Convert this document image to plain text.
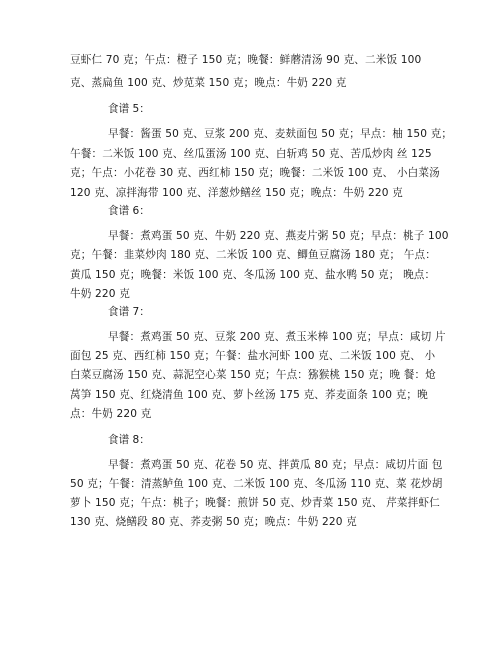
豆虾仁 70 克；午点：橙子 150 克；晚餐：鲜蘑清汤 90 克、二米饭 100
克、蒸扁鱼 100 克、炒苋菜 150 克；晚点：牛奶 220 克
食谱 5：
早餐：酱蛋 50 克、豆浆 200 克、麦麸面包 50 克；早点：柚 150 克；
午餐：二米饭 100 克、丝瓜蛋汤 100 克、白斩鸡 50 克、苦瓜炒肉 丝 125
克；午点：小花卷 30 克、西红柿 150 克；晚餐：二米饭 100 克、 小白菜汤
120 克、凉拌海带 100 克、洋葱炒鳝丝 150 克；晚点：牛奶 220 克
食谱 6：
早餐：煮鸡蛋 50 克、牛奶 220 克、燕麦片粥 50 克；早点：桃子 100
克；午餐：韭菜炒肉 180 克、二米饭 100 克、鲫鱼豆腐汤 180 克； 午点：
黄瓜 150 克；晚餐：米饭 100 克、冬瓜汤 100 克、盐水鸭 50 克； 晚点：
牛奶 220 克
食谱 7：
早餐：煮鸡蛋 50 克、豆浆 200 克、煮玉米棒 100 克；早点：咸切 片
面包 25 克、西红柿 150 克；午餐：盐水河虾 100 克、二米饭 100 克、 小
白菜豆腐汤 150 克、蒜泥空心菜 150 克；午点：猕猴桃 150 克；晚 餐：炝
莴笋 150 克、红烧清鱼 100 克、萝卜丝汤 175 克、荞麦面条 100 克；晚
点：牛奶 220 克
食谱 8：
早餐：煮鸡蛋 50 克、花卷 50 克、拌黄瓜 80 克；早点：咸切片面 包
50 克；午餐：清蒸鲈鱼 100 克、二米饭 100 克、冬瓜汤 110 克、菜 花炒胡
萝卜 150 克；午点：桃子；晚餐：煎饼 50 克、炒青菜 150 克、 芹菜拌虾仁
130 克、烧鳝段 80 克、荞麦粥 50 克；晚点：牛奶 220 克
